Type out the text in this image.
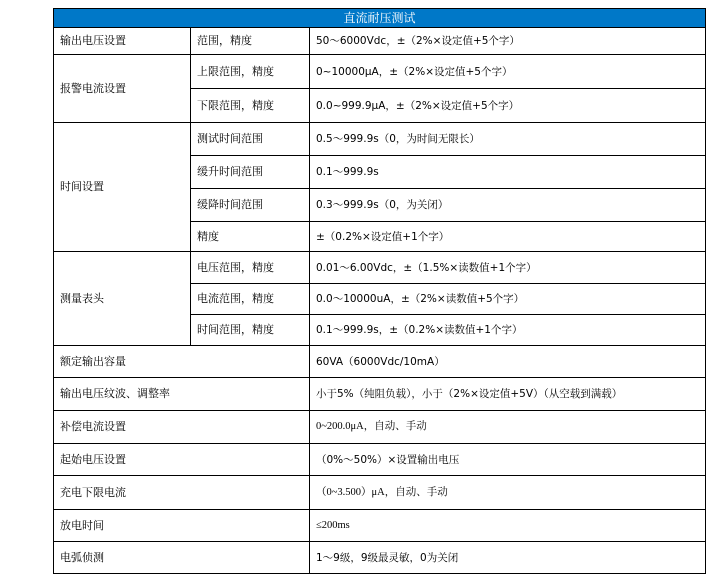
直流耐压测试		
输出电压设置	范围，精度	50～6000Vdc，±（2%×设定值+5个字）
报警电流设置	上限范围，精度	0~10000μA，±（2%×设定值+5个字）
	下限范围，精度	0.0~999.9μA，±（2%×设定值+5个字）
时间设置	测试时间范围	0.5～999.9s（0，为时间无限长）
	缓升时间范围	0.1～999.9s
	缓降时间范围	0.3～999.9s（0，为关闭）
	精度	±（0.2%×设定值+1个字）
测量表头	电压范围，精度	0.01～6.00Vdc，±（1.5%×读数值+1个字）
	电流范围，精度	0.0～10000uA，±（2%×读数值+5个字）
	时间范围，精度	0.1～999.9s，±（0.2%×读数值+1个字）
额定输出容量		60VA（6000Vdc/10mA）
输出电压纹波、调整率		小于5%（纯阻负载），小于（2%×设定值+5V）（从空载到满载）
补偿电流设置		0~200.0μA，自动、手动
起始电压设置		（0%～50%）×设置输出电压
充电下限电流		（0~3.500）μA，自动、手动
放电时间		≤200ms
电弧侦测		1～9级，9级最灵敏，0为关闭
